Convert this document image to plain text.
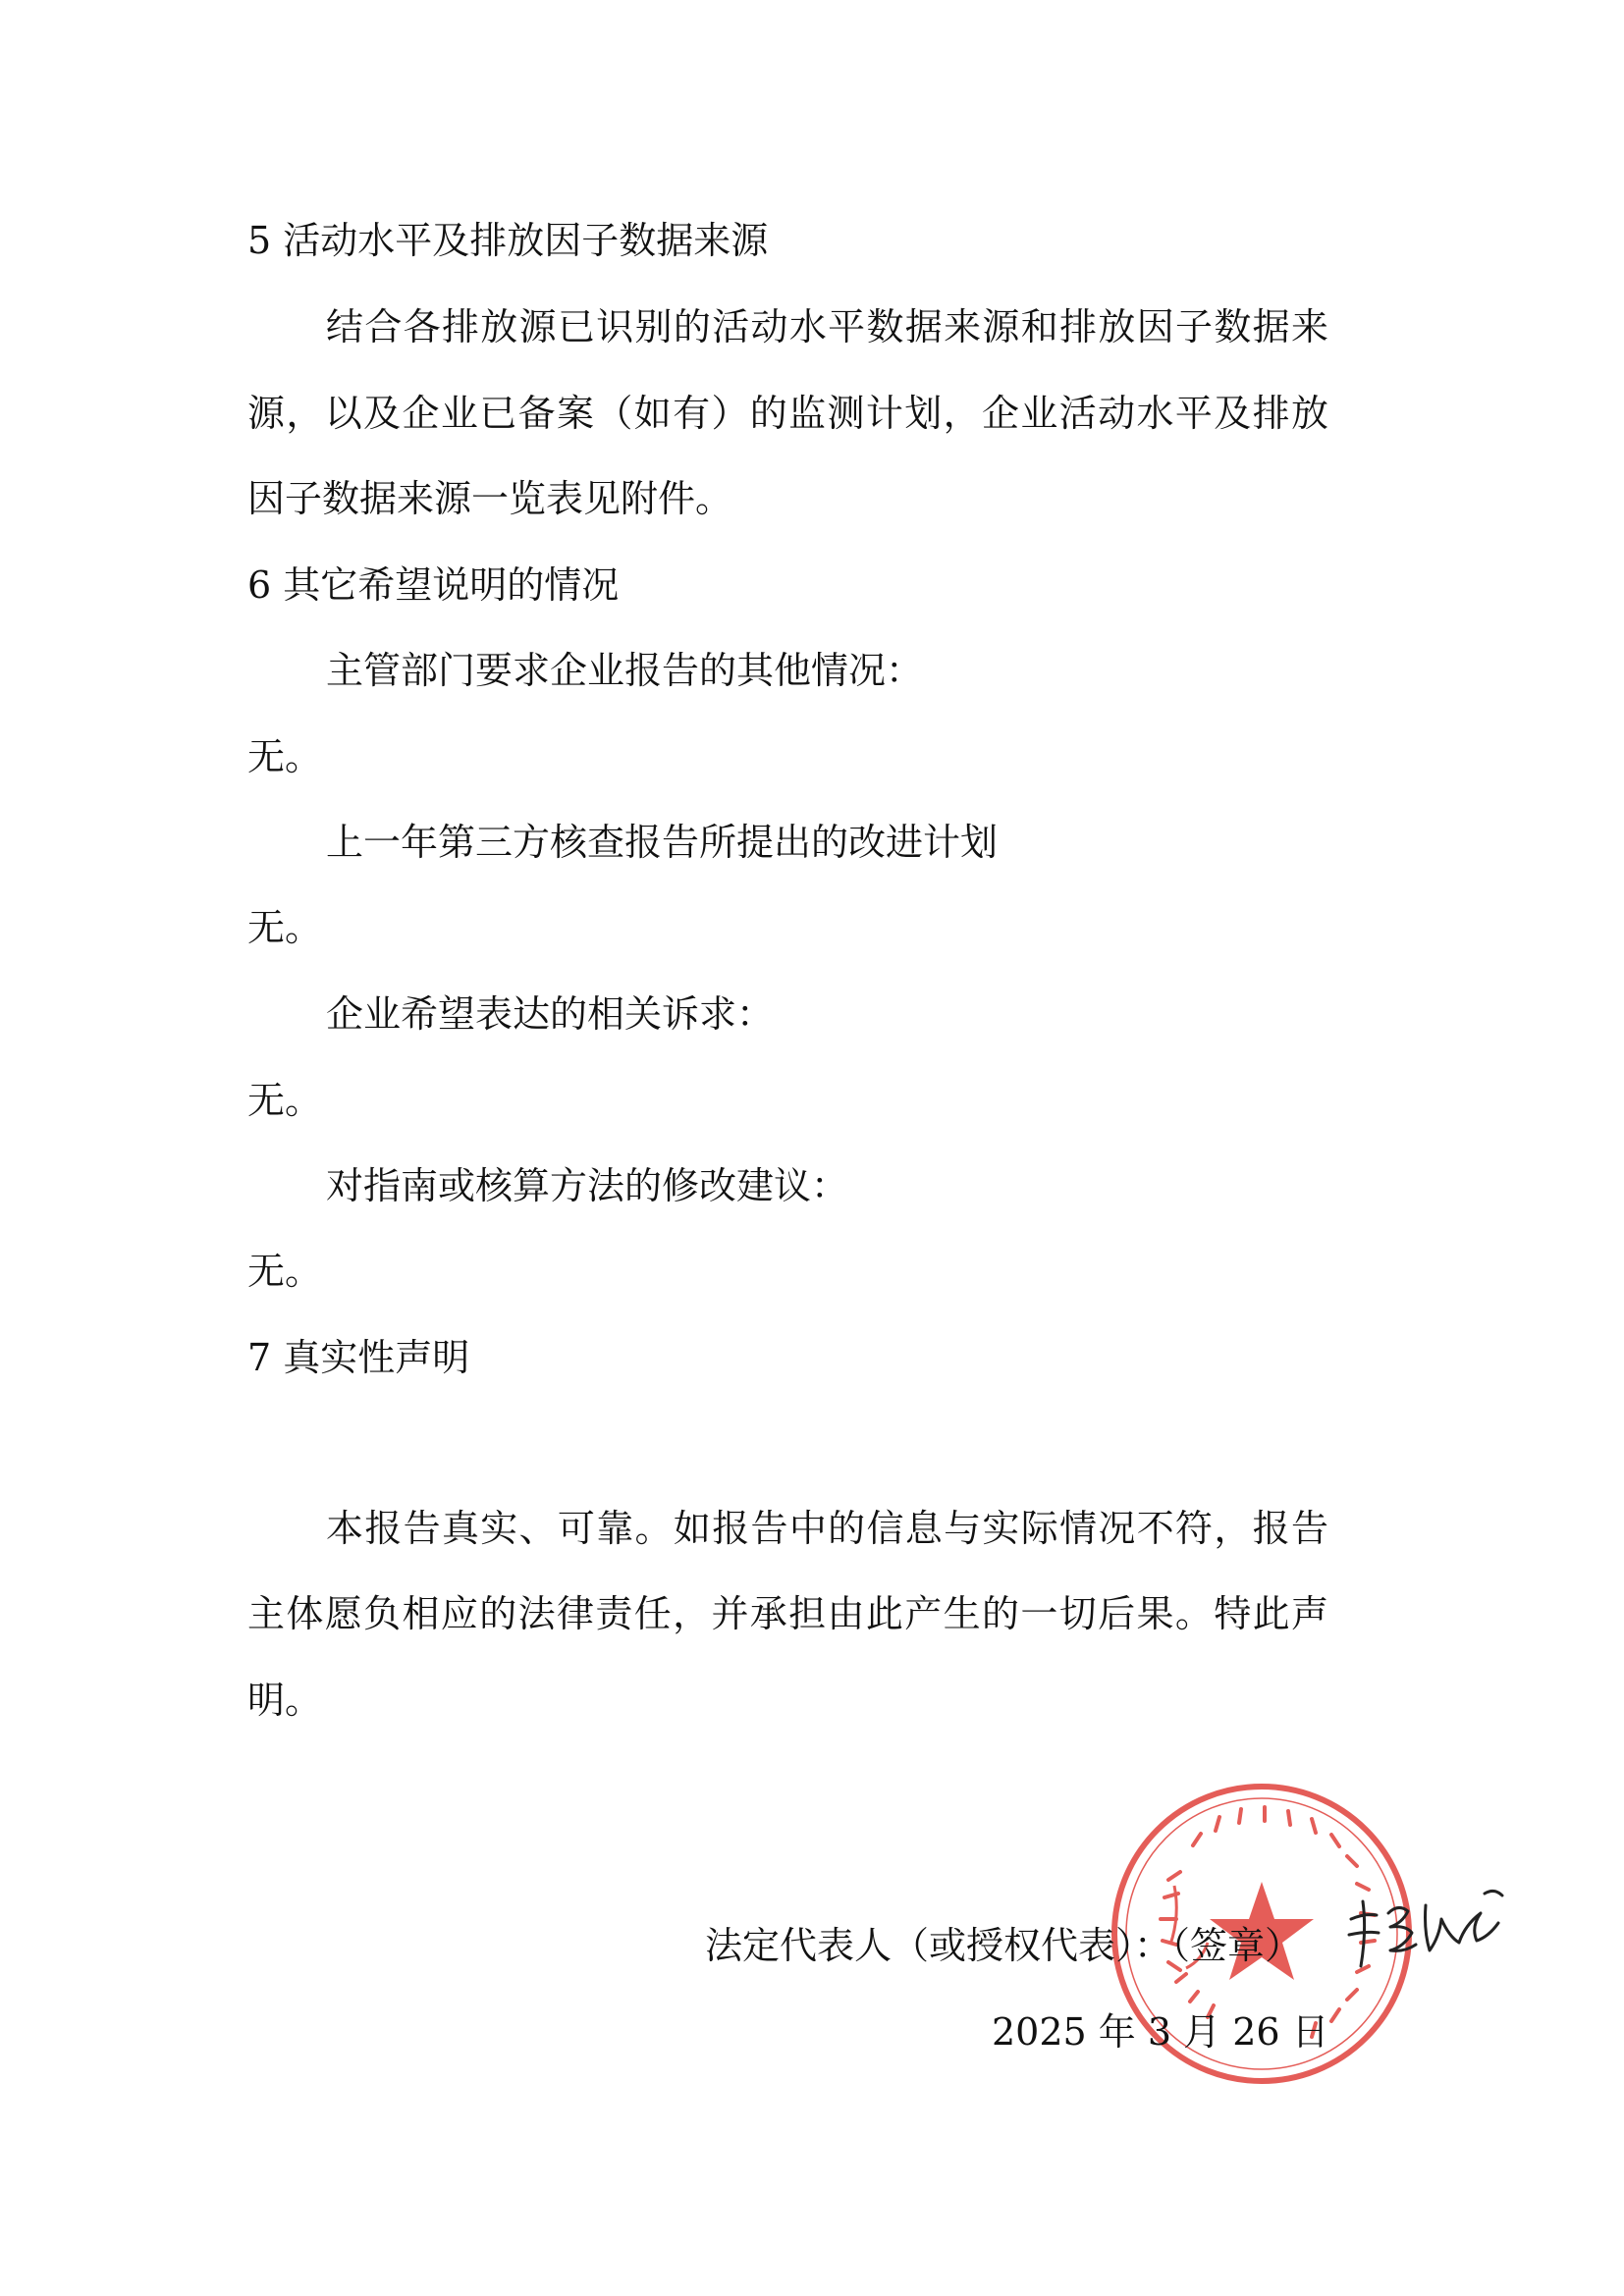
5 活动水平及排放因子数据来源
结合各排放源已识别的活动水平数据来源和排放因子数据来
源，以及企业已备案（如有）的监测计划，企业活动水平及排放
因子数据来源一览表见附件。
6 其它希望说明的情况
主管部门要求企业报告的其他情况：
无。
上一年第三方核查报告所提出的改进计划
无。
企业希望表达的相关诉求：
无。
对指南或核算方法的修改建议：
无。
7 真实性声明
本报告真实、可靠。如报告中的信息与实际情况不符，报告
主体愿负相应的法律责任，并承担由此产生的一切后果。特此声
明。
法定代表人（或授权代表）：（签章）
2025 年 3 月 26 日
